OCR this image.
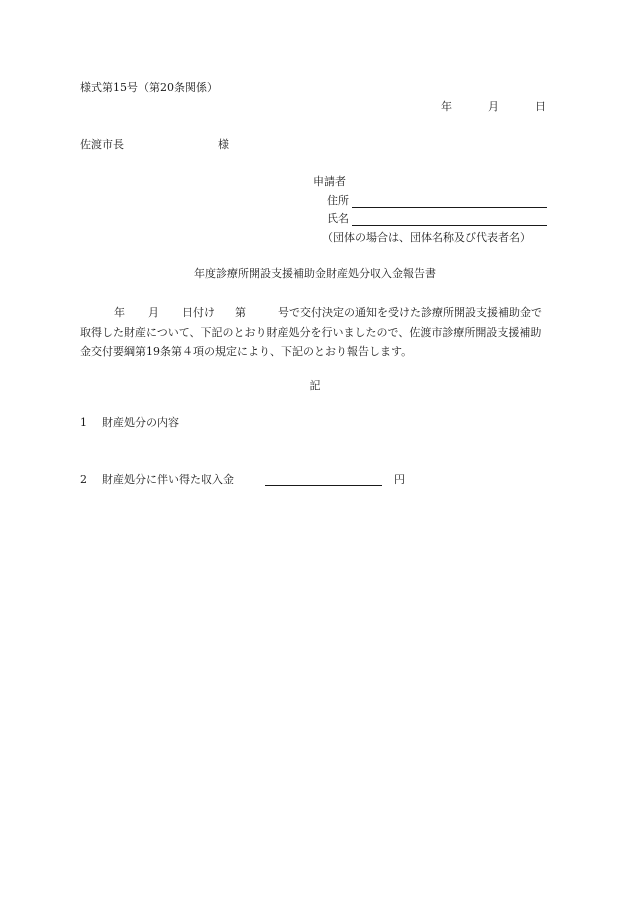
様式第15号（第20条関係）
年	月	日
佐渡市長	様
申請者
住所
氏名
（団体の場合は、団体名称及び代表者名）
年度診療所開設支援補助金財産処分収入金報告書
年 月 日付け 第	号で交付決定の通知を受けた診療所開設支援補助金で取得した財産について、下記のとおり財産処分を行いましたので、佐渡市診療所開設支援補助金交付要綱第19条第４項の規定により、下記のとおり報告します。
記
1 財産処分の内容
2 財産処分に伴い得た収入金	円
